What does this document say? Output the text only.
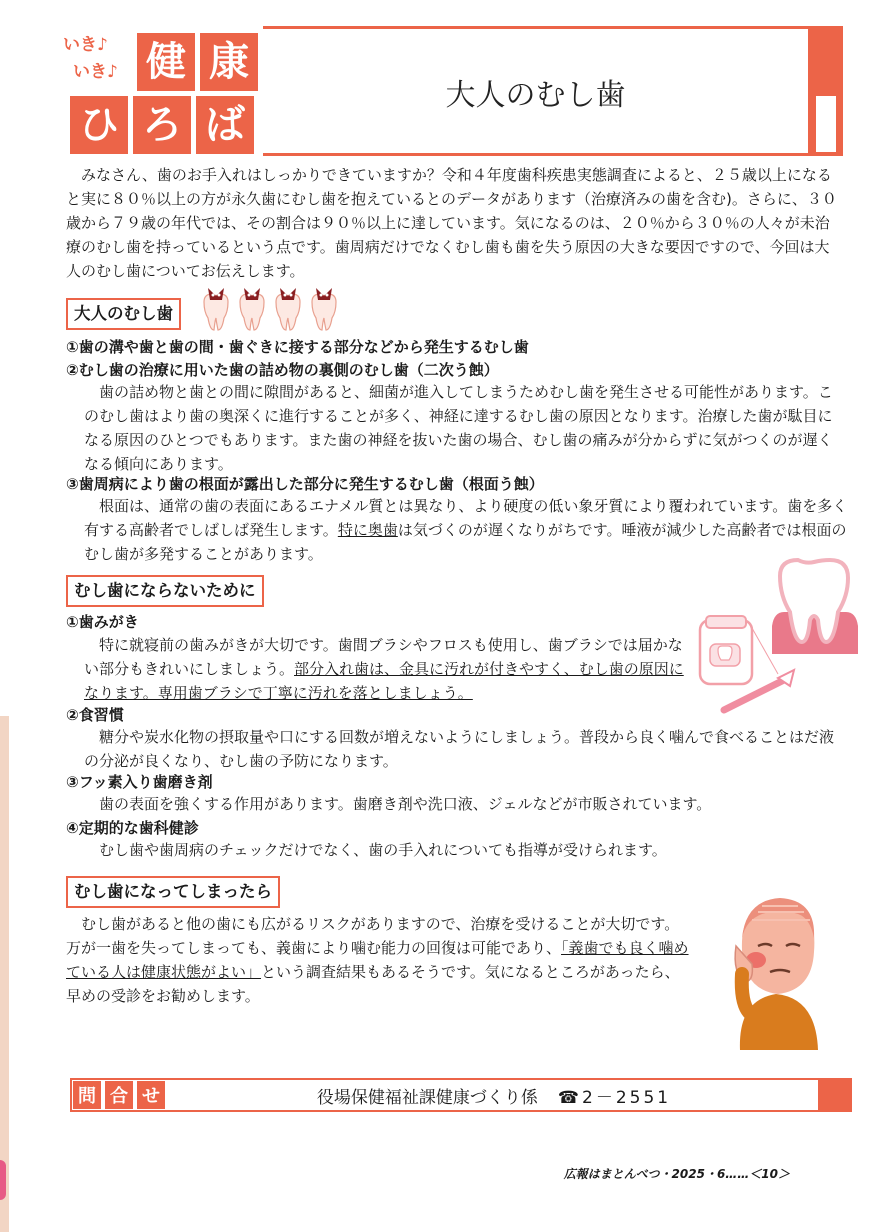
いき♪
いき♪ 健 康
ひ ろ ば
大人のむし歯
みなさん、歯のお手入れはしっかりできていますか？令和４年度歯科疾患実態調査によると、２５歳以上になると実に８０％以上の方が永久歯にむし歯を抱えているとのデータがあります（治療済みの歯を含む)。さらに、３０歳から７９歳の年代では、その割合は９０％以上に達しています。気になるのは、２０％から３０％の人々が未治療のむし歯を持っているという点です。歯周病だけでなくむし歯も歯を失う原因の大きな要因ですので、今回は大人のむし歯についてお伝えします。
大人のむし歯
①歯の溝や歯と歯の間・歯ぐきに接する部分などから発生するむし歯
②むし歯の治療に用いた歯の詰め物の裏側のむし歯（二次う蝕）
歯の詰め物と歯との間に隙間があると、細菌が進入してしまうためむし歯を発生させる可能性があります。このむし歯はより歯の奥深くに進行することが多く、神経に達するむし歯の原因となります。治療した歯が駄目になる原因のひとつでもあります。また歯の神経を抜いた歯の場合、むし歯の痛みが分からずに気がつくのが遅くなる傾向にあります。
③歯周病により歯の根面が露出した部分に発生するむし歯（根面う蝕）
根面は、通常の歯の表面にあるエナメル質とは異なり、より硬度の低い象牙質により覆われています。歯を多く有する高齢者でしばしば発生します。特に奥歯は気づくのが遅くなりがちです。唾液が減少した高齢者では根面のむし歯が多発することがあります。
むし歯にならないために
①歯みがき
特に就寝前の歯みがきが大切です。歯間ブラシやフロスも使用し、歯ブラシでは届かない部分もきれいにしましょう。部分入れ歯は、金具に汚れが付きやすく、むし歯の原因になります。専用歯ブラシで丁寧に汚れを落としましょう。
②食習慣
糖分や炭水化物の摂取量や口にする回数が増えないようにしましょう。普段から良く噛んで食べることはだ液の分泌が良くなり、むし歯の予防になります。
③フッ素入り歯磨き剤
歯の表面を強くする作用があります。歯磨き剤や洗口液、ジェルなどが市販されています。
④定期的な歯科健診
むし歯や歯周病のチェックだけでなく、歯の手入れについても指導が受けられます。
むし歯になってしまったら
むし歯があると他の歯にも広がるリスクがありますので、治療を受けることが大切です。万が一歯を失ってしまっても、義歯により噛む能力の回復は可能であり、「義歯でも良く噛めている人は健康状態がよい」という調査結果もあるそうです。気になるところがあったら、早めの受診をお勧めします。
問 合 せ	役場保健福祉課健康づくり係 ☎2－2551
広報はまとんべつ・2025・6……＜10＞
